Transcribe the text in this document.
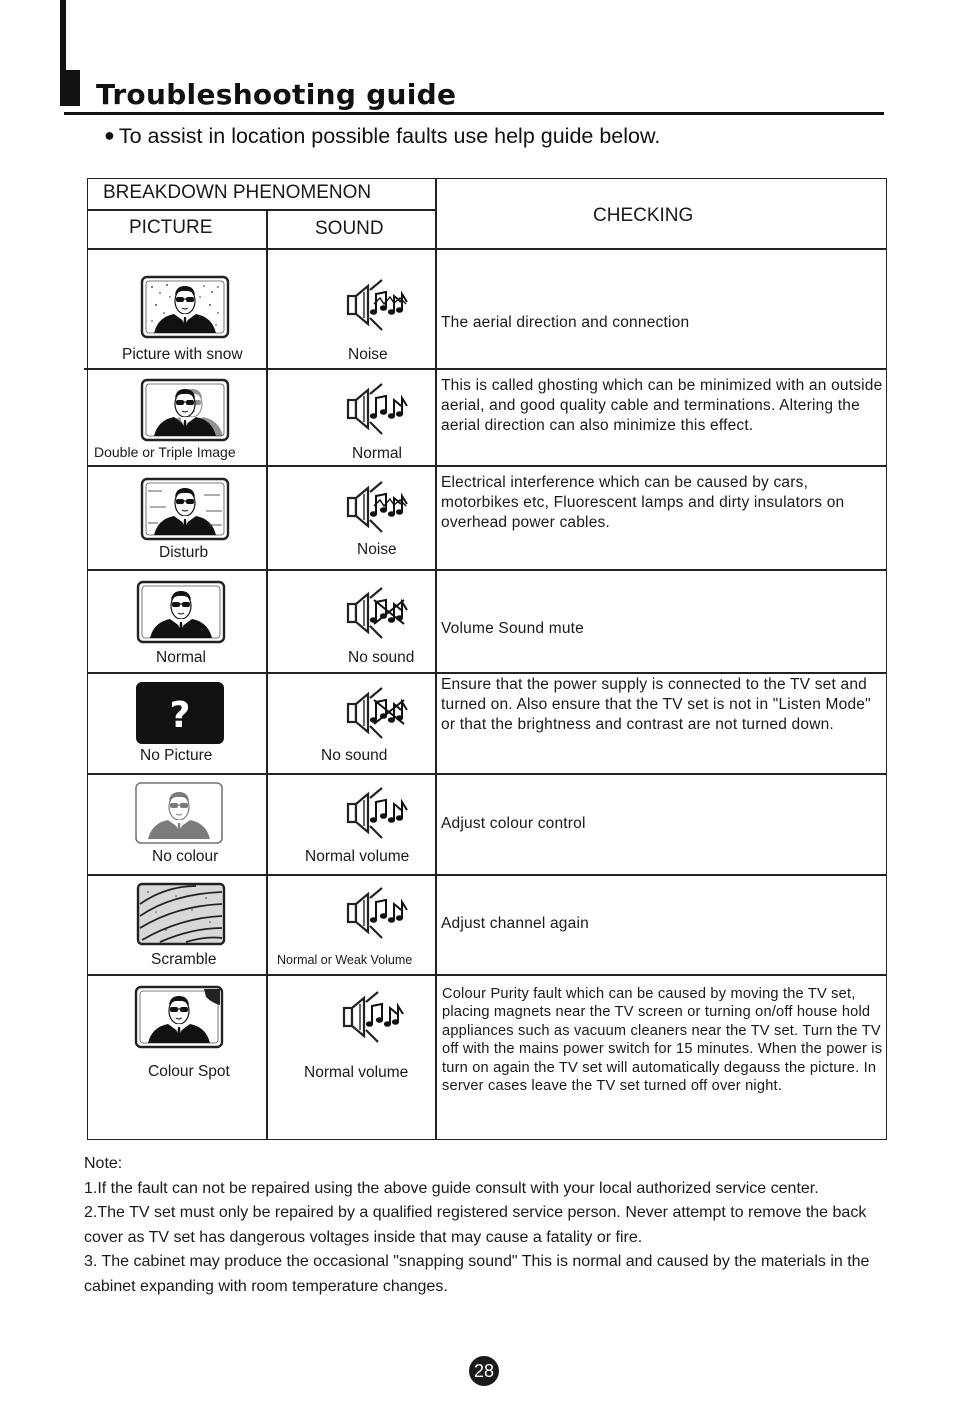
Troubleshooting guide
● To assist in location possible faults use help guide below.
BREAKDOWN PHENOMENON
PICTURE	SOUND
CHECKING
Picture with snow	Noise
The aerial direction and connection
Double or Triple Image	Normal
This is called ghosting which can be minimized with an outside aerial, and good quality cable and terminations. Altering the aerial direction can also minimize this effect.
Disturb	Noise
Electrical interference which can be caused by cars, motorbikes etc, Fluorescent lamps and dirty insulators on overhead power cables.
Normal	No sound
Volume Sound mute
?
No Picture	No sound
Ensure that the power supply is connected to the TV set and turned on. Also ensure that the TV set is not in "Listen Mode" or that the brightness and contrast are not turned down.
No colour	Normal volume
Adjust colour control
Scramble	Normal or Weak Volume
Adjust channel again
Colour Spot	Normal volume
Colour Purity fault which can be caused by moving the TV set, placing magnets near the TV screen or turning on/off house hold appliances such as vacuum cleaners near the TV set. Turn the TV off with the mains power switch for 15 minutes. When the power is turn on again the TV set will automatically degauss the picture. In server cases leave the TV set turned off over night.

Note:

1.If the fault can not be repaired using the above guide consult with your local authorized service center.

2.The TV set must only be repaired by a qualified registered service person. Never attempt to remove the back cover as TV set has dangerous voltages inside that may cause a fatality or fire.

3. The cabinet may produce the occasional "snapping sound" This is normal and caused by the materials in the cabinet expanding with room temperature changes.

28
